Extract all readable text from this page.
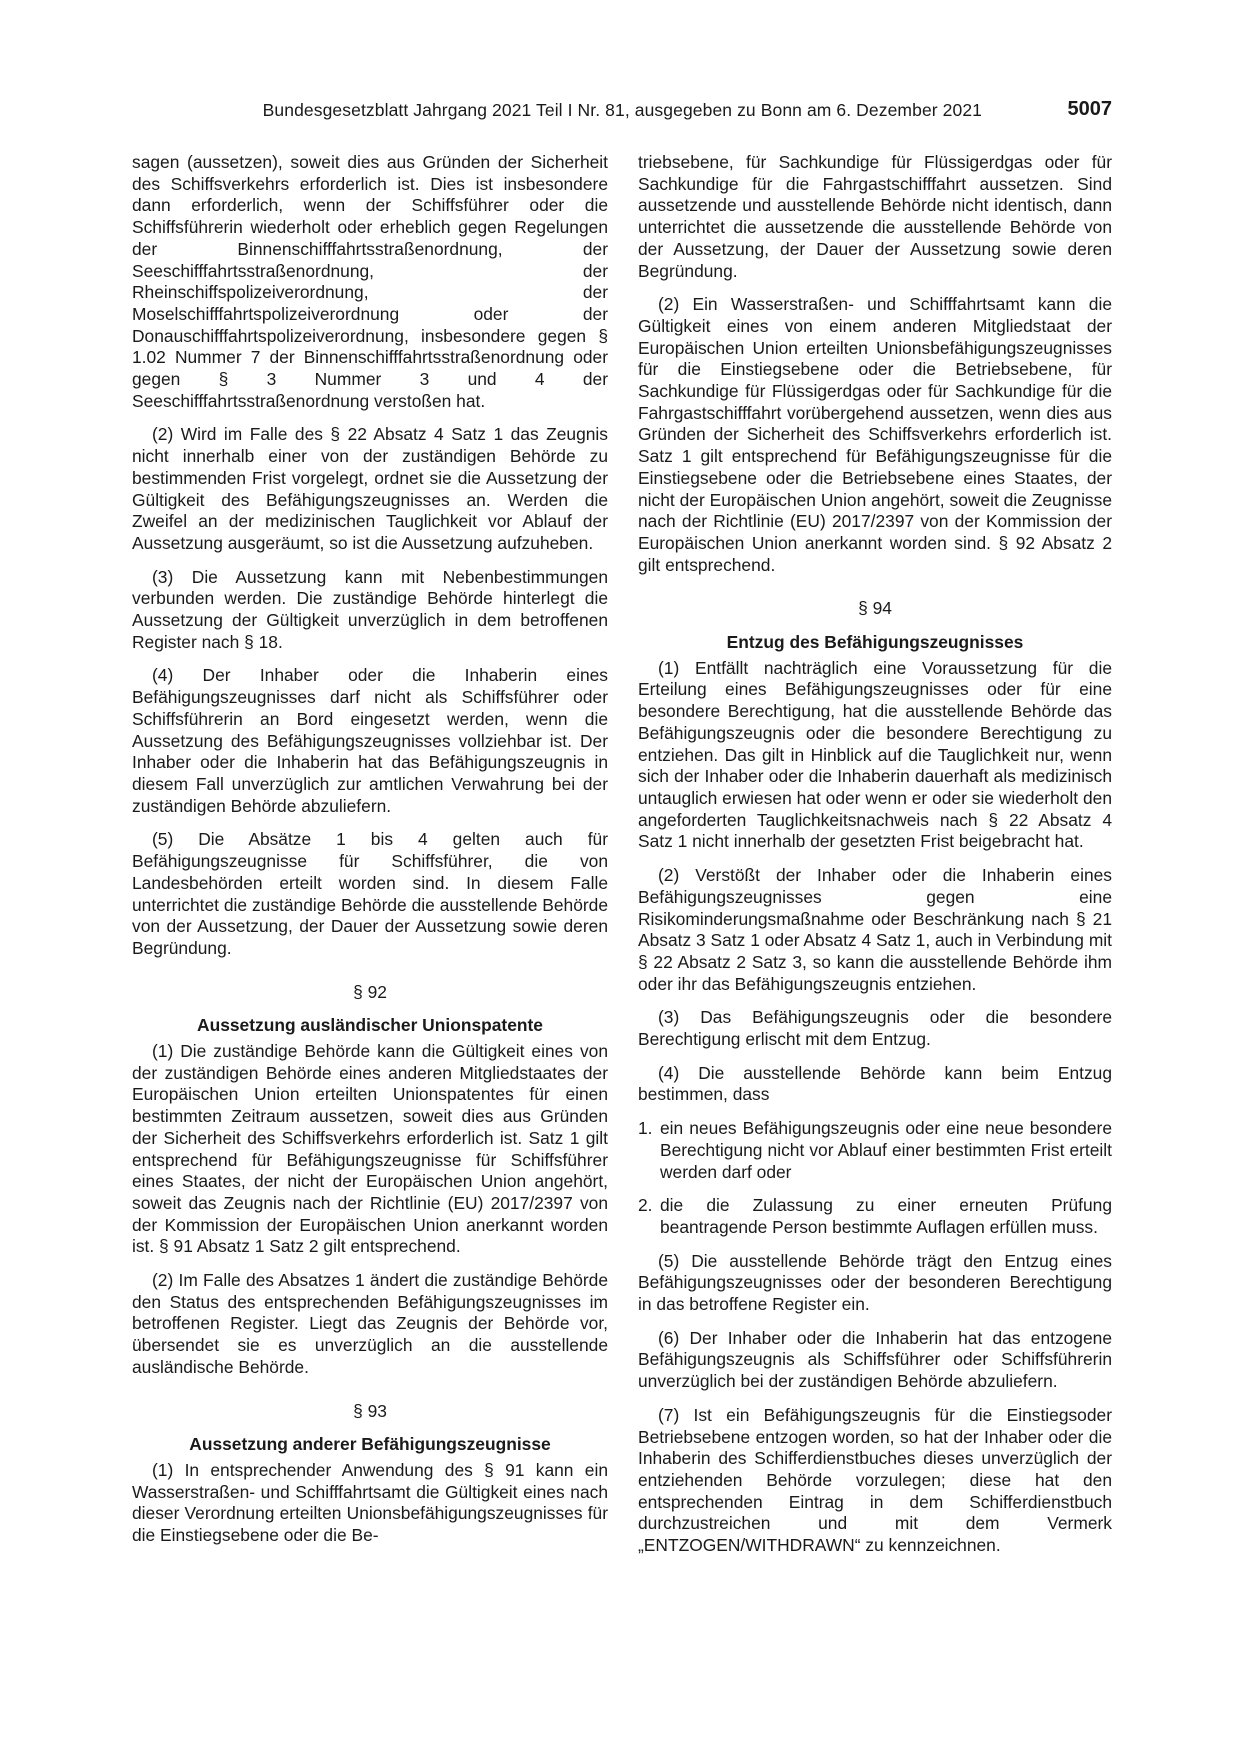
Bundesgesetzblatt Jahrgang 2021 Teil I Nr. 81, ausgegeben zu Bonn am 6. Dezember 2021	5007

sagen (aussetzen), soweit dies aus Gründen der Sicherheit des Schiffsverkehrs erforderlich ist. Dies ist insbesondere dann erforderlich, wenn der Schiffsführer oder die Schiffsführerin wiederholt oder erheblich gegen Regelungen der Binnenschifffahrtsstraßenordnung, der Seeschifffahrtsstraßenordnung, der Rheinschiffspolizeiverordnung, der Moselschifffahrtspolizeiverordnung oder der Donauschifffahrtspolizeiverordnung, insbesondere gegen § 1.02 Nummer 7 der Binnenschifffahrtsstraßenordnung oder gegen § 3 Nummer 3 und 4 der Seeschifffahrtsstraßenordnung verstoßen hat.

(2) Wird im Falle des § 22 Absatz 4 Satz 1 das Zeugnis nicht innerhalb einer von der zuständigen Behörde zu bestimmenden Frist vorgelegt, ordnet sie die Aussetzung der Gültigkeit des Befähigungszeugnisses an. Werden die Zweifel an der medizinischen Tauglichkeit vor Ablauf der Aussetzung ausgeräumt, so ist die Aussetzung aufzuheben.

(3) Die Aussetzung kann mit Nebenbestimmungen verbunden werden. Die zuständige Behörde hinterlegt die Aussetzung der Gültigkeit unverzüglich in dem betroffenen Register nach § 18.

(4) Der Inhaber oder die Inhaberin eines Befähigungszeugnisses darf nicht als Schiffsführer oder Schiffsführerin an Bord eingesetzt werden, wenn die Aussetzung des Befähigungszeugnisses vollziehbar ist. Der Inhaber oder die Inhaberin hat das Befähigungszeugnis in diesem Fall unverzüglich zur amtlichen Verwahrung bei der zuständigen Behörde abzuliefern.

(5) Die Absätze 1 bis 4 gelten auch für Befähigungszeugnisse für Schiffsführer, die von Landesbehörden erteilt worden sind. In diesem Falle unterrichtet die zuständige Behörde die ausstellende Behörde von der Aussetzung, der Dauer der Aussetzung sowie deren Begründung.

§ 92
Aussetzung ausländischer Unionspatente

(1) Die zuständige Behörde kann die Gültigkeit eines von der zuständigen Behörde eines anderen Mitgliedstaates der Europäischen Union erteilten Unionspatentes für einen bestimmten Zeitraum aussetzen, soweit dies aus Gründen der Sicherheit des Schiffsverkehrs erforderlich ist. Satz 1 gilt entsprechend für Befähigungszeugnisse für Schiffsführer eines Staates, der nicht der Europäischen Union angehört, soweit das Zeugnis nach der Richtlinie (EU) 2017/2397 von der Kommission der Europäischen Union anerkannt worden ist. § 91 Absatz 1 Satz 2 gilt entsprechend.

(2) Im Falle des Absatzes 1 ändert die zuständige Behörde den Status des entsprechenden Befähigungszeugnisses im betroffenen Register. Liegt das Zeugnis der Behörde vor, übersendet sie es unverzüglich an die ausstellende ausländische Behörde.

§ 93
Aussetzung anderer Befähigungszeugnisse

(1) In entsprechender Anwendung des § 91 kann ein Wasserstraßen- und Schifffahrtsamt die Gültigkeit eines nach dieser Verordnung erteilten Unionsbefähigungszeugnisses für die Einstiegsebene oder die Be-

triebsebene, für Sachkundige für Flüssigerdgas oder für Sachkundige für die Fahrgastschifffahrt aussetzen. Sind aussetzende und ausstellende Behörde nicht identisch, dann unterrichtet die aussetzende die ausstellende Behörde von der Aussetzung, der Dauer der Aussetzung sowie deren Begründung.

(2) Ein Wasserstraßen- und Schifffahrtsamt kann die Gültigkeit eines von einem anderen Mitgliedstaat der Europäischen Union erteilten Unionsbefähigungszeugnisses für die Einstiegsebene oder die Betriebsebene, für Sachkundige für Flüssigerdgas oder für Sachkundige für die Fahrgastschifffahrt vorübergehend aussetzen, wenn dies aus Gründen der Sicherheit des Schiffsverkehrs erforderlich ist. Satz 1 gilt entsprechend für Befähigungszeugnisse für die Einstiegsebene oder die Betriebsebene eines Staates, der nicht der Europäischen Union angehört, soweit die Zeugnisse nach der Richtlinie (EU) 2017/2397 von der Kommission der Europäischen Union anerkannt worden sind. § 92 Absatz 2 gilt entsprechend.

§ 94
Entzug des Befähigungszeugnisses

(1) Entfällt nachträglich eine Voraussetzung für die Erteilung eines Befähigungszeugnisses oder für eine besondere Berechtigung, hat die ausstellende Behörde das Befähigungszeugnis oder die besondere Berechtigung zu entziehen. Das gilt in Hinblick auf die Tauglichkeit nur, wenn sich der Inhaber oder die Inhaberin dauerhaft als medizinisch untauglich erwiesen hat oder wenn er oder sie wiederholt den angeforderten Tauglichkeitsnachweis nach § 22 Absatz 4 Satz 1 nicht innerhalb der gesetzten Frist beigebracht hat.

(2) Verstößt der Inhaber oder die Inhaberin eines Befähigungszeugnisses gegen eine Risikominderungsmaßnahme oder Beschränkung nach § 21 Absatz 3 Satz 1 oder Absatz 4 Satz 1, auch in Verbindung mit § 22 Absatz 2 Satz 3, so kann die ausstellende Behörde ihm oder ihr das Befähigungszeugnis entziehen.

(3) Das Befähigungszeugnis oder die besondere Berechtigung erlischt mit dem Entzug.

(4) Die ausstellende Behörde kann beim Entzug bestimmen, dass

1. ein neues Befähigungszeugnis oder eine neue besondere Berechtigung nicht vor Ablauf einer bestimmten Frist erteilt werden darf oder
2. die die Zulassung zu einer erneuten Prüfung beantragende Person bestimmte Auflagen erfüllen muss.

(5) Die ausstellende Behörde trägt den Entzug eines Befähigungszeugnisses oder der besonderen Berechtigung in das betroffene Register ein.

(6) Der Inhaber oder die Inhaberin hat das entzogene Befähigungszeugnis als Schiffsführer oder Schiffsführerin unverzüglich bei der zuständigen Behörde abzuliefern.

(7) Ist ein Befähigungszeugnis für die Einstiegsoder Betriebsebene entzogen worden, so hat der Inhaber oder die Inhaberin des Schifferdienstbuches dieses unverzüglich der entziehenden Behörde vorzulegen; diese hat den entsprechenden Eintrag in dem Schifferdienstbuch durchzustreichen und mit dem Vermerk „ENTZOGEN/WITHDRAWN“ zu kennzeichnen.
